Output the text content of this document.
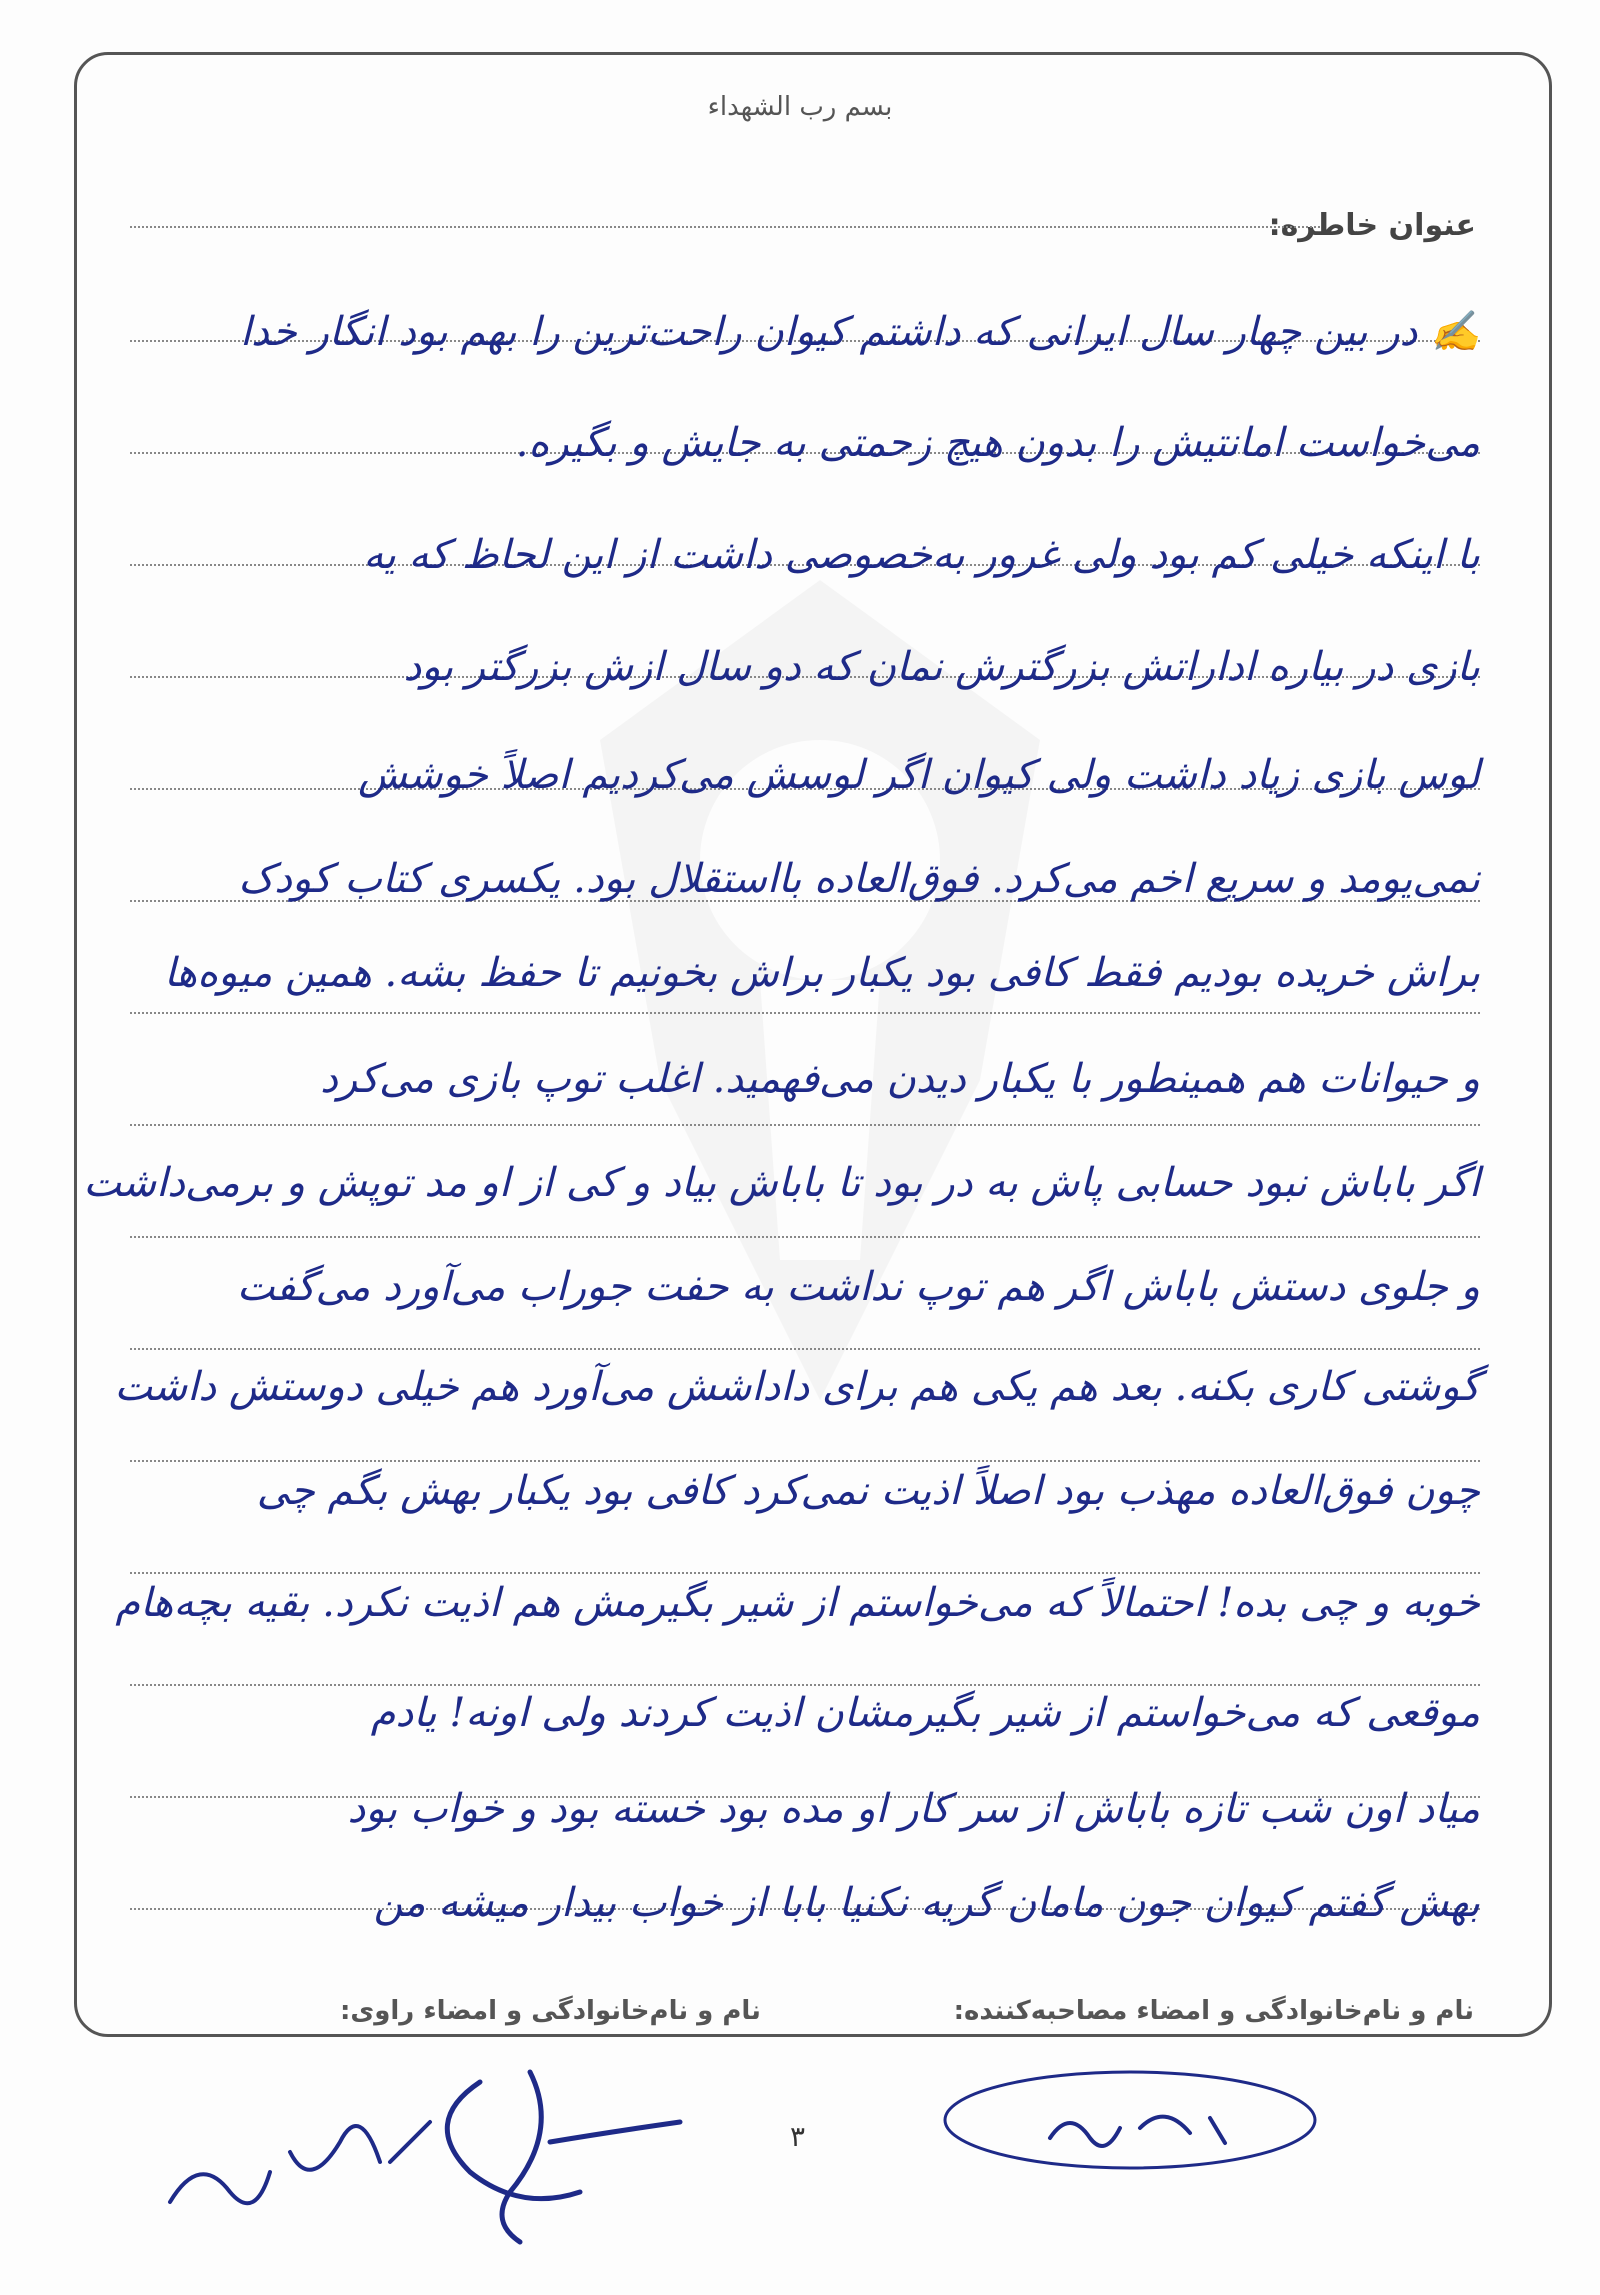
بسم رب الشهداء
عنوان خاطره:
✍ در بین چهار سال ایرانی که داشتم کیوان راحت‌ترین را بهم بود انگار خدا
می‌خواست امانتیش را بدون هیچ زحمتی به جایش و بگیره.
با اینکه خیلی کم بود ولی غرور به‌خصوصی داشت از این لحاظ که یه
بازی در بیاره اداراتش بزرگترش نمان که دو سال ازش بزرگتر بود
لوس بازی زیاد داشت ولی کیوان اگر لوسش می‌کردیم اصلاً خوشش
نمی‌یومد و سریع اخم می‌کرد. فوق‌العاده بااستقلال بود. یکسری کتاب کودک
براش خریده بودیم فقط کافی بود یکبار براش بخونیم تا حفظ بشه. همین میوه‌ها
و حیوانات هم همینطور با یکبار دیدن می‌فهمید. اغلب توپ بازی می‌کرد
اگر باباش نبود حسابی پاش به در بود تا باباش بیاد و کی از او مد توپش و برمی‌داشت
و جلوی دستش باباش اگر هم توپ نداشت به حفت جوراب می‌آورد می‌گفت
گوشتی کاری بکنه. بعد هم یکی هم برای داداشش می‌آورد هم خیلی دوستش داشت
چون فوق‌العاده مهذب بود اصلاً اذیت نمی‌کرد کافی بود یکبار بهش بگم چی
خوبه و چی بده! احتمالاً که می‌خواستم از شیر بگیرمش هم اذیت نکرد. بقیه بچه‌هام
موقعی که می‌خواستم از شیر بگیرمشان اذیت کردند ولی اونه! یادم
میاد اون شب تازه باباش از سر کار او مده بود خسته بود و خواب بود
بهش گفتم کیوان جون مامان گریه نکنیا بابا از خواب بیدار میشه من
نام و نام‌خانوادگی و امضاء مصاحبه‌کننده:
نام و نام‌خانوادگی و امضاء راوی:
۳
